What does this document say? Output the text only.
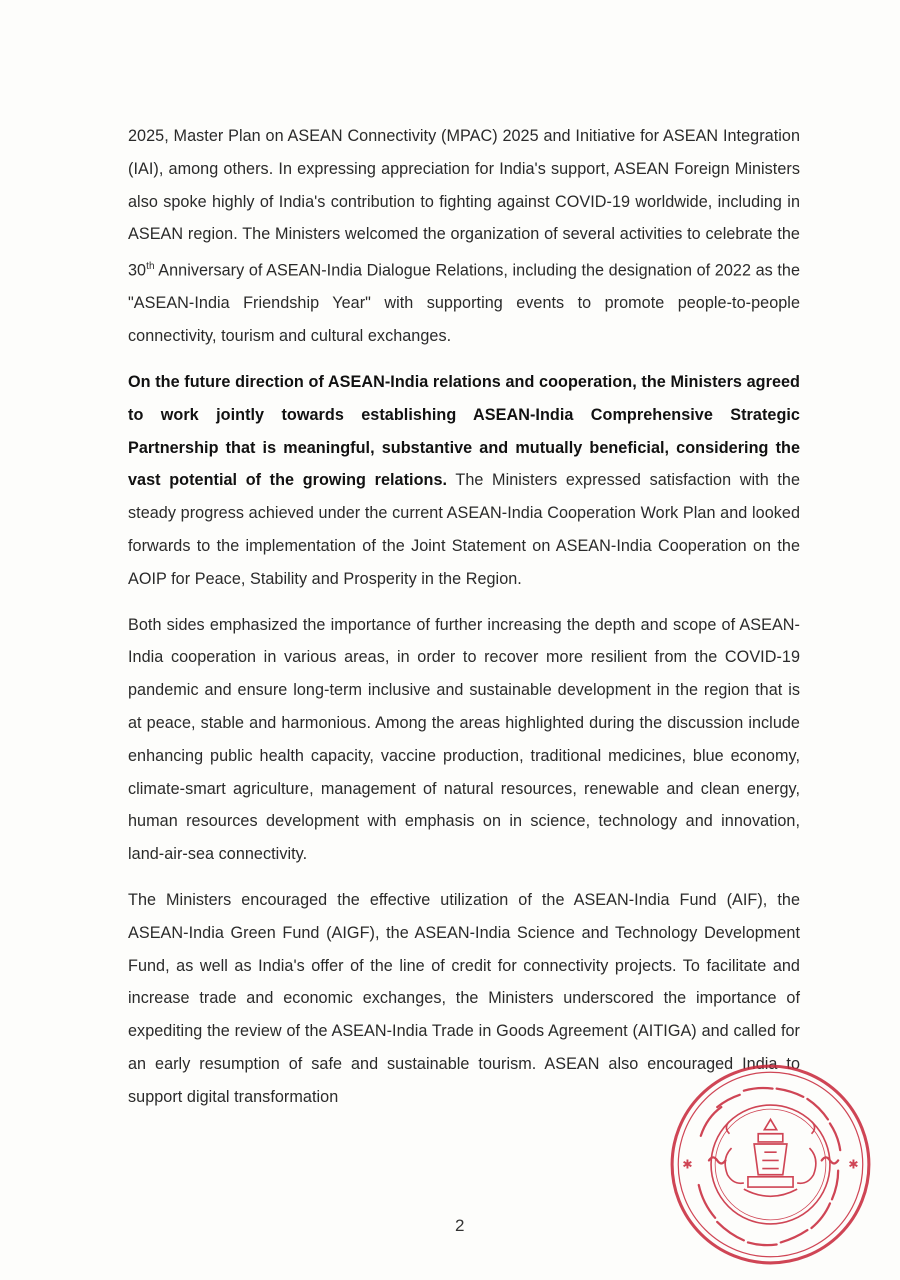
2025, Master Plan on ASEAN Connectivity (MPAC) 2025 and Initiative for ASEAN Integration (IAI), among others. In expressing appreciation for India's support, ASEAN Foreign Ministers also spoke highly of India's contribution to fighting against COVID-19 worldwide, including in ASEAN region. The Ministers welcomed the organization of several activities to celebrate the 30th Anniversary of ASEAN-India Dialogue Relations, including the designation of 2022 as the "ASEAN-India Friendship Year" with supporting events to promote people-to-people connectivity, tourism and cultural exchanges.

On the future direction of ASEAN-India relations and cooperation, the Ministers agreed to work jointly towards establishing ASEAN-India Comprehensive Strategic Partnership that is meaningful, substantive and mutually beneficial, considering the vast potential of the growing relations. The Ministers expressed satisfaction with the steady progress achieved under the current ASEAN-India Cooperation Work Plan and looked forwards to the implementation of the Joint Statement on ASEAN-India Cooperation on the AOIP for Peace, Stability and Prosperity in the Region.

Both sides emphasized the importance of further increasing the depth and scope of ASEAN-India cooperation in various areas, in order to recover more resilient from the COVID-19 pandemic and ensure long-term inclusive and sustainable development in the region that is at peace, stable and harmonious. Among the areas highlighted during the discussion include enhancing public health capacity, vaccine production, traditional medicines, blue economy, climate-smart agriculture, management of natural resources, renewable and clean energy, human resources development with emphasis on in science, technology and innovation, land-air-sea connectivity.

The Ministers encouraged the effective utilization of the ASEAN-India Fund (AIF), the ASEAN-India Green Fund (AIGF), the ASEAN-India Science and Technology Development Fund, as well as India's offer of the line of credit for connectivity projects. To facilitate and increase trade and economic exchanges, the Ministers underscored the importance of expediting the review of the ASEAN-India Trade in Goods Agreement (AITIGA) and called for an early resumption of safe and sustainable tourism. ASEAN also encouraged India to support digital transformation

2
✱	✱
